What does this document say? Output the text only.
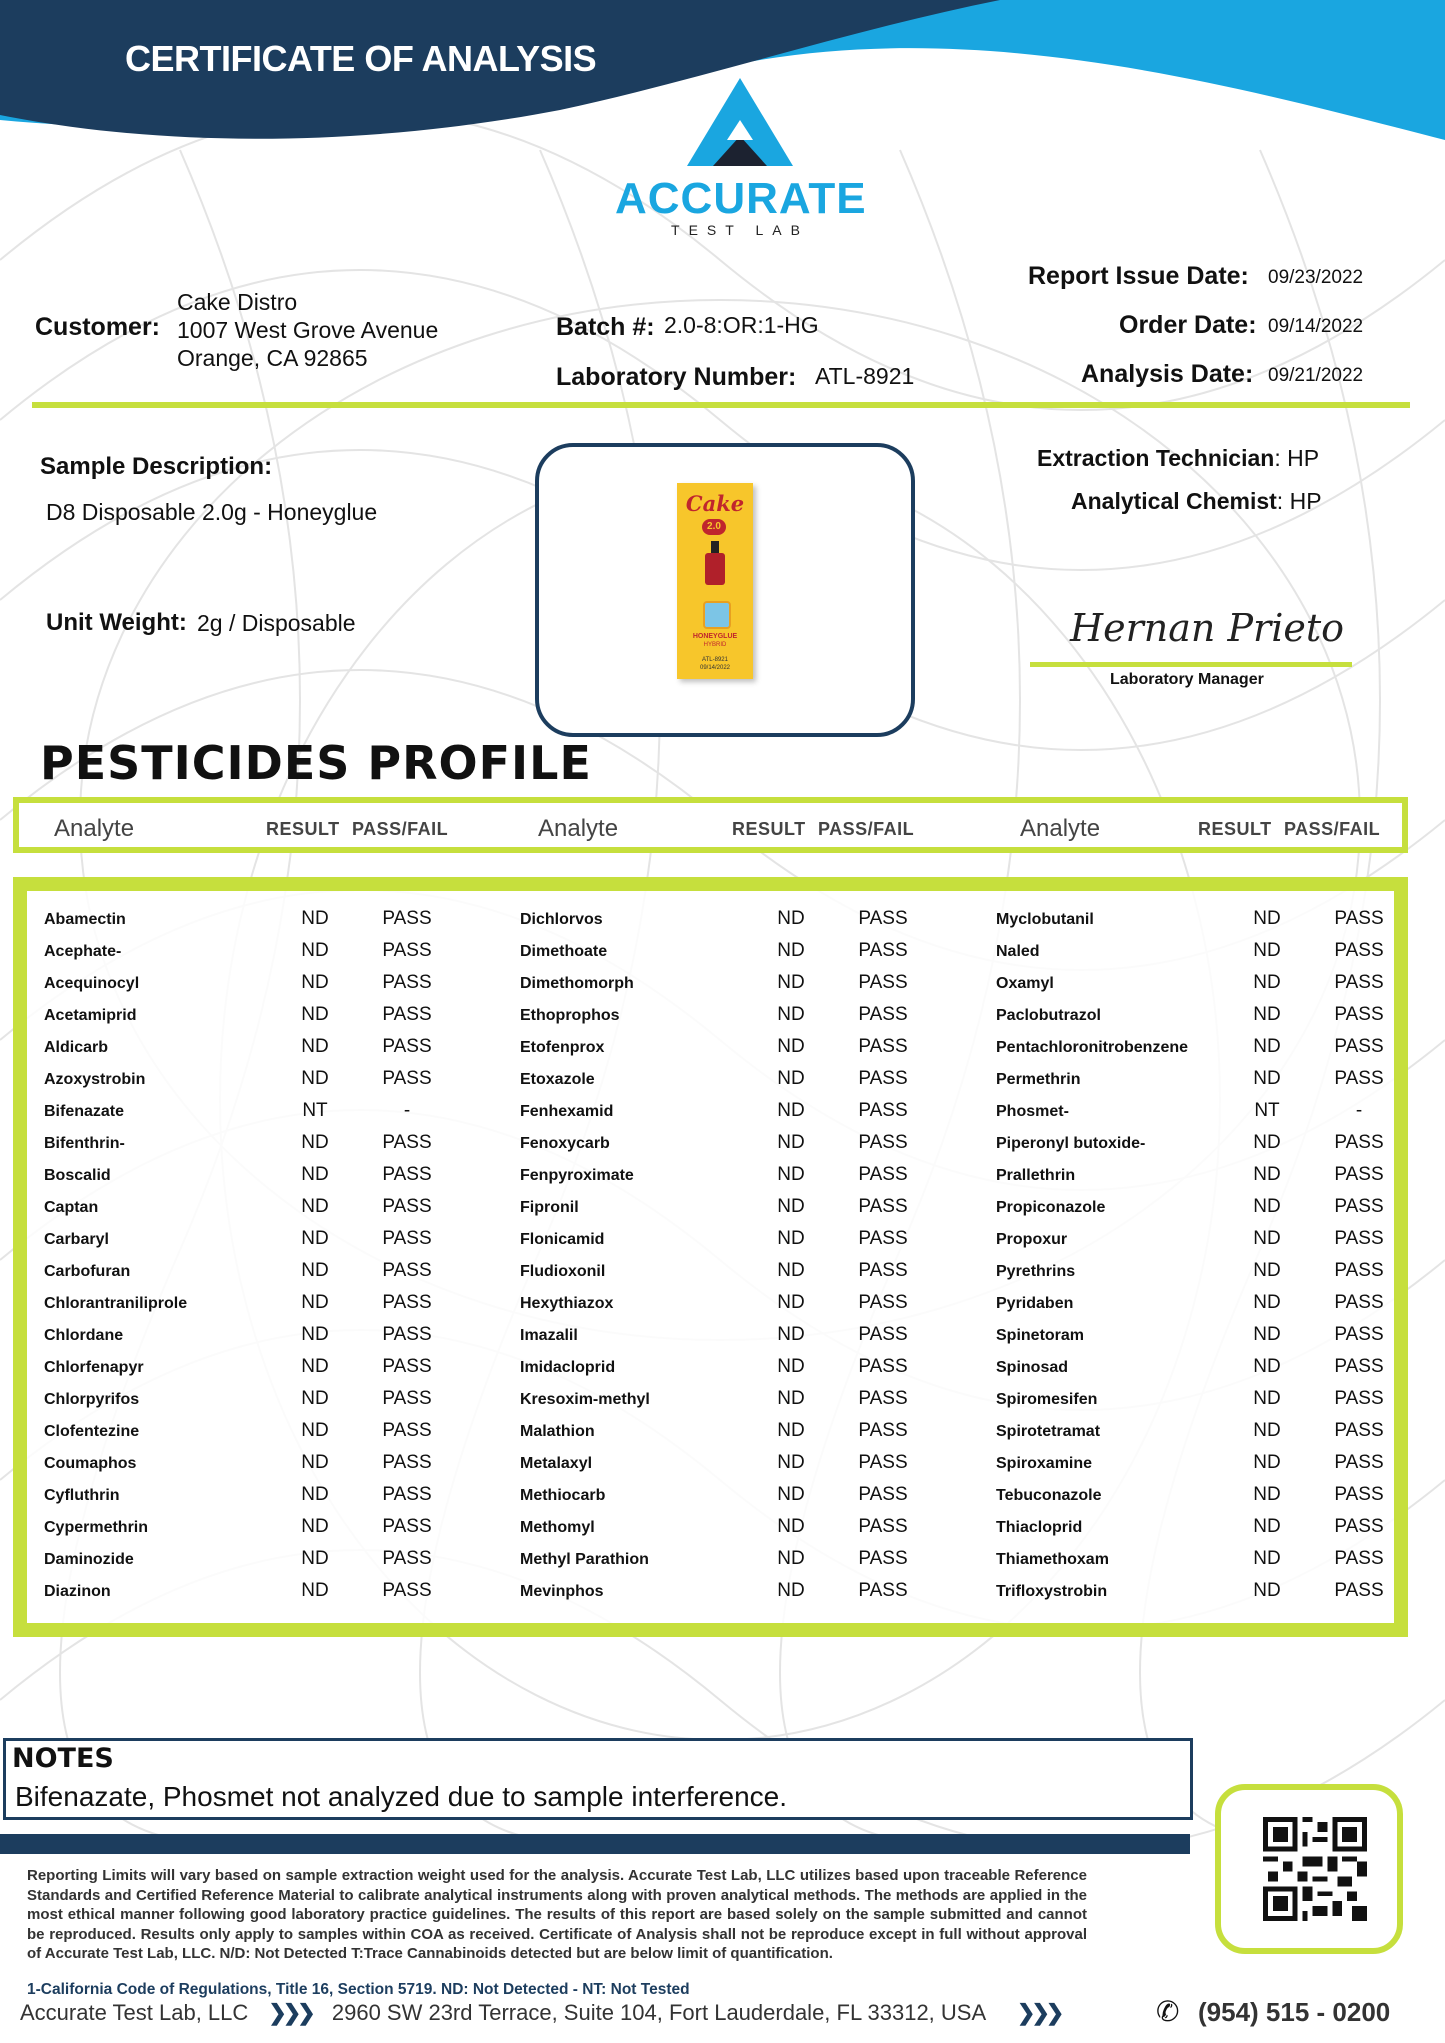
CERTIFICATE OF ANALYSIS
ACCURATE
TEST LAB
Customer:
Cake Distro
1007 West Grove Avenue
Orange, CA 92865
Batch #: 2.0-8:OR:1-HG
Laboratory Number: ATL-8921
Report Issue Date: 09/23/2022
Order Date: 09/14/2022
Analysis Date: 09/21/2022
Sample Description:
D8 Disposable 2.0g - Honeyglue
Unit Weight: 2g / Disposable
Cake
2.0
HONEYGLUE
HYBRID
ATL-8921
09/14/2022
Extraction Technician: HP
Analytical Chemist: HP
Hernan Prieto
Laboratory Manager
PESTICIDES PROFILE
Analyte	RESULT PASS/FAIL	Analyte	RESULT PASS/FAIL	Analyte	RESULT PASS/FAIL
Abamectin	ND	PASS	Dichlorvos	ND	PASS	Myclobutanil	ND	PASS
Acephate-	ND	PASS	Dimethoate	ND	PASS	Naled	ND	PASS
Acequinocyl	ND	PASS	Dimethomorph	ND	PASS	Oxamyl	ND	PASS
Acetamiprid	ND	PASS	Ethoprophos	ND	PASS	Paclobutrazol	ND	PASS
Aldicarb	ND	PASS	Etofenprox	ND	PASS	Pentachloronitrobenzene	ND	PASS
Azoxystrobin	ND	PASS	Etoxazole	ND	PASS	Permethrin	ND	PASS
Bifenazate	NT	-	Fenhexamid	ND	PASS	Phosmet-	NT	-
Bifenthrin-	ND	PASS	Fenoxycarb	ND	PASS	Piperonyl butoxide-	ND	PASS
Boscalid	ND	PASS	Fenpyroximate	ND	PASS	Prallethrin	ND	PASS
Captan	ND	PASS	Fipronil	ND	PASS	Propiconazole	ND	PASS
Carbaryl	ND	PASS	Flonicamid	ND	PASS	Propoxur	ND	PASS
Carbofuran	ND	PASS	Fludioxonil	ND	PASS	Pyrethrins	ND	PASS
Chlorantraniliprole	ND	PASS	Hexythiazox	ND	PASS	Pyridaben	ND	PASS
Chlordane	ND	PASS	Imazalil	ND	PASS	Spinetoram	ND	PASS
Chlorfenapyr	ND	PASS	Imidacloprid	ND	PASS	Spinosad	ND	PASS
Chlorpyrifos	ND	PASS	Kresoxim-methyl	ND	PASS	Spiromesifen	ND	PASS
Clofentezine	ND	PASS	Malathion	ND	PASS	Spirotetramat	ND	PASS
Coumaphos	ND	PASS	Metalaxyl	ND	PASS	Spiroxamine	ND	PASS
Cyfluthrin	ND	PASS	Methiocarb	ND	PASS	Tebuconazole	ND	PASS
Cypermethrin	ND	PASS	Methomyl	ND	PASS	Thiacloprid	ND	PASS
Daminozide	ND	PASS	Methyl Parathion	ND	PASS	Thiamethoxam	ND	PASS
Diazinon	ND	PASS	Mevinphos	ND	PASS	Trifloxystrobin	ND	PASS
NOTES
Bifenazate, Phosmet not analyzed due to sample interference.
Reporting Limits will vary based on sample extraction weight used for the analysis. Accurate Test Lab, LLC utilizes based upon traceable Reference Standards and Certified Reference Material to calibrate analytical instruments along with proven analytical methods. The methods are applied in the most ethical manner following good laboratory practice guidelines. The results of this report are based solely on the sample submitted and cannot be reproduced. Results only apply to samples within COA as received. Certificate of Analysis shall not be reproduce except in full without approval of Accurate Test Lab, LLC. N/D: Not Detected T:Trace Cannabinoids detected but are below limit of quantification.
1-California Code of Regulations, Title 16, Section 5719. ND: Not Detected - NT: Not Tested
Accurate Test Lab, LLC ❯❯❯ 2960 SW 23rd Terrace, Suite 104, Fort Lauderdale, FL 33312, USA ❯❯❯	✆ (954) 515 - 0200
